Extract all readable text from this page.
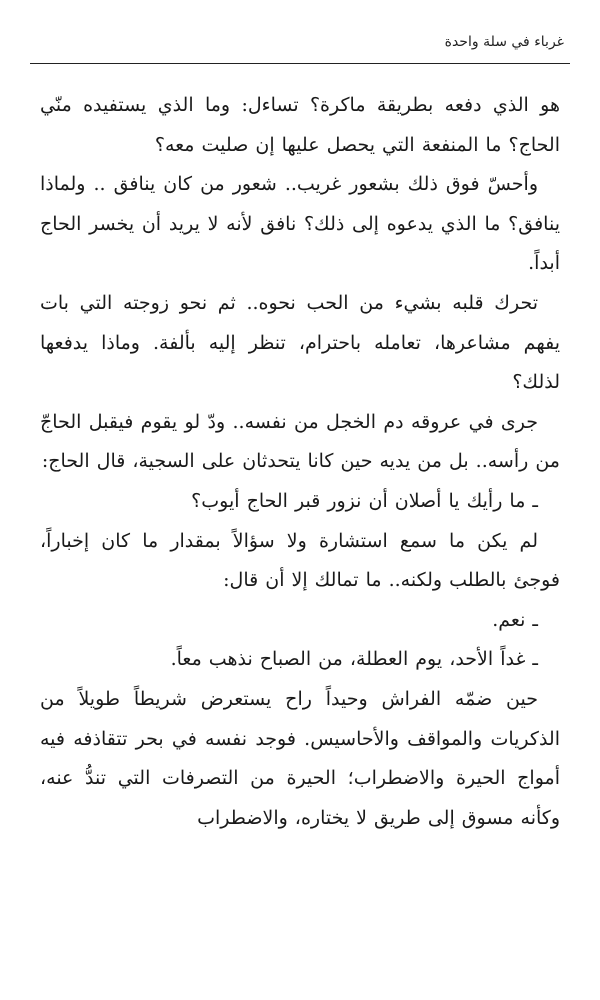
غرباء في سلة واحدة

هو الذي دفعه بطريقة ماكرة؟ تساءل: وما الذي يستفيده منّي الحاج؟ ما المنفعة التي يحصل عليها إن صليت معه؟

وأحسّ فوق ذلك بشعور غريب.. شعور من كان ينافق .. ولماذا ينافق؟ ما الذي يدعوه إلى ذلك؟ نافق لأنه لا يريد أن يخسر الحاج أبداً.

تحرك قلبه بشيء من الحب نحوه.. ثم نحو زوجته التي بات يفهم مشاعرها، تعامله باحترام، تنظر إليه بألفة. وماذا يدفعها لذلك؟

جرى في عروقه دم الخجل من نفسه.. ودّ لو يقوم فيقبل الحاجّ من رأسه.. بل من يديه حين كانا يتحدثان على السجية، قال الحاج:

ـ ما رأيك يا أصلان أن نزور قبر الحاج أيوب؟

لم يكن ما سمع استشارة ولا سؤالاً بمقدار ما كان إخباراً، فوجئ بالطلب ولكنه.. ما تمالك إلا أن قال:

ـ نعم.

ـ غداً الأحد، يوم العطلة، من الصباح نذهب معاً.

حين ضمّه الفراش وحيداً راح يستعرض شريطاً طويلاً من الذكريات والمواقف والأحاسيس. فوجد نفسه في بحر تتقاذفه فيه أمواج الحيرة والاضطراب؛ الحيرة من التصرفات التي تندُّ عنه، وكأنه مسوق إلى طريق لا يختاره، والاضطراب
